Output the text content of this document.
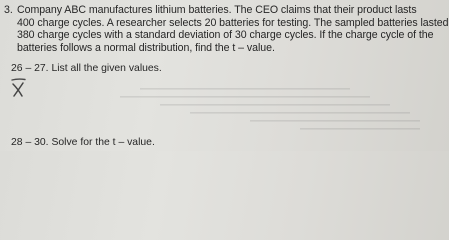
3. Company ABC manufactures lithium batteries. The CEO claims that their product lasts
400 charge cycles. A researcher selects 20 batteries for testing. The sampled batteries lasted
380 charge cycles with a standard deviation of 30 charge cycles. If the charge cycle of the
batteries follows a normal distribution, find the t – value.
26 – 27. List all the given values.
28 – 30. Solve for the t – value.
